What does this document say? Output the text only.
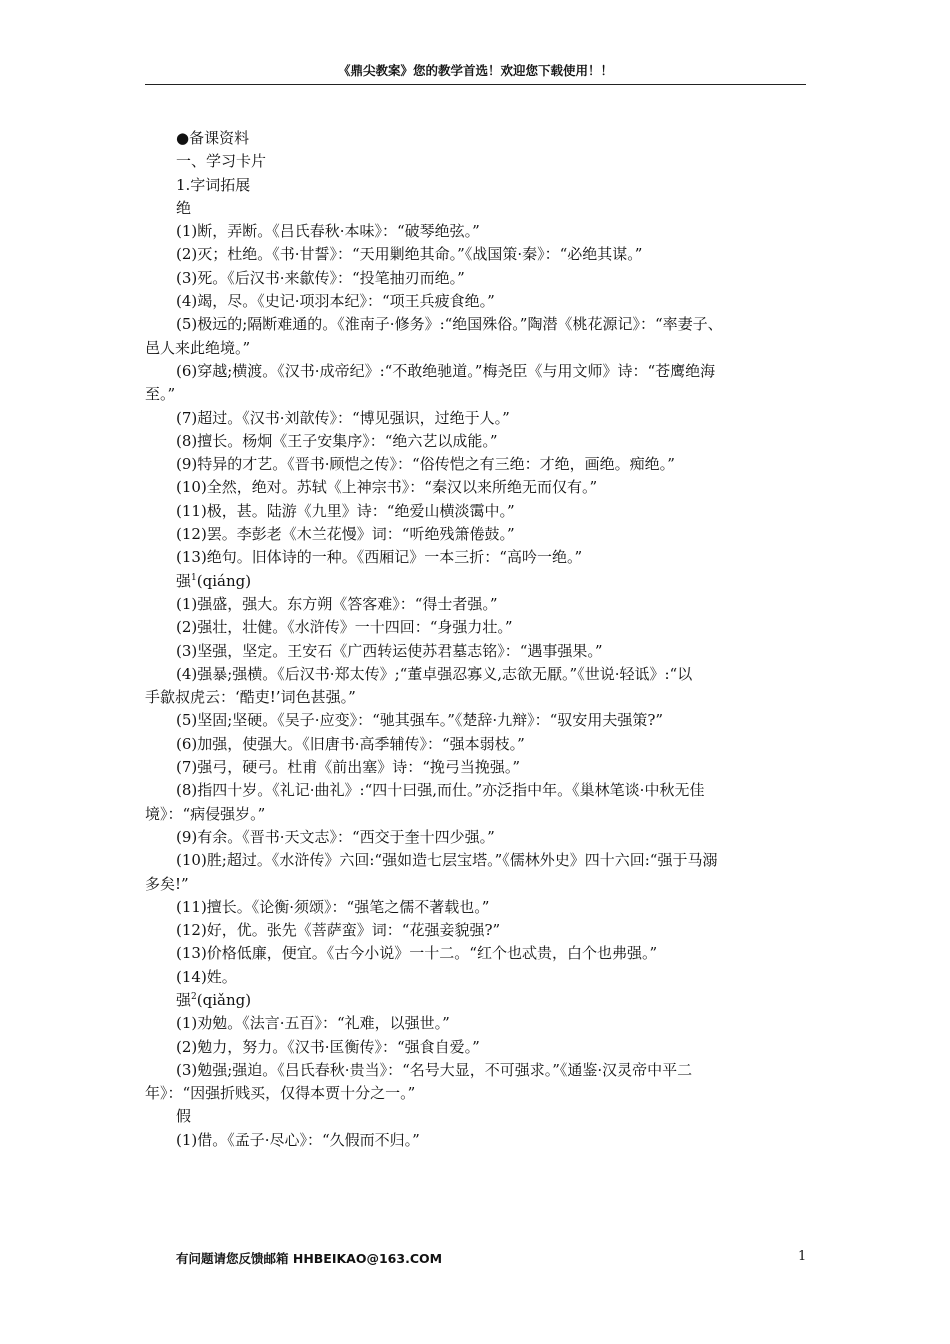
《鼎尖教案》您的教学首选！欢迎您下载使用！！
●备课资料
一、学习卡片
1.字词拓展
绝
(1)断，弄断。《吕氏春秋·本味》：“破琴绝弦。”
(2)灭；杜绝。《书·甘誓》：“天用剿绝其命。”《战国策·秦》：“必绝其谋。”
(3)死。《后汉书·来歙传》：“投笔抽刃而绝。”
(4)竭，尽。《史记·项羽本纪》：“项王兵疲食绝。”
(5)极远的;隔断难通的。《淮南子·修务》:“绝国殊俗。”陶潜《桃花源记》：“率妻子、
邑人来此绝境。”
(6)穿越;横渡。《汉书·成帝纪》:“不敢绝驰道。”梅尧臣《与用文师》诗：“苍鹰绝海
至。”
(7)超过。《汉书·刘歆传》：“博见强识，过绝于人。”
(8)擅长。杨炯《王子安集序》：“绝六艺以成能。”
(9)特异的才艺。《晋书·顾恺之传》：“俗传恺之有三绝：才绝，画绝。痴绝。”
(10)全然，绝对。苏轼《上神宗书》：“秦汉以来所绝无而仅有。”
(11)极，甚。陆游《九里》诗：“绝爱山横淡霭中。”
(12)罢。李彭老《木兰花慢》词：“听绝残箫倦鼓。”
(13)绝句。旧体诗的一种。《西厢记》一本三折：“高吟一绝。”
强$^1$(qiáng)
(1)强盛，强大。东方朔《答客难》：“得士者强。”
(2)强壮，壮健。《水浒传》一十四回：“身强力壮。”
(3)坚强，坚定。王安石《广西转运使苏君墓志铭》：“遇事强果。”
(4)强暴;强横。《后汉书·郑太传》;“董卓强忍寡义,志欲无厭。”《世说·轻诋》:“以
手歙叔虎云：‘酷吏!’词色甚强。”
(5)坚固;坚硬。《吴子·应变》：“驰其强车。”《楚辞·九辩》：“驭安用夫强策?”
(6)加强，使强大。《旧唐书·高季辅传》：“强本弱枝。”
(7)强弓，硬弓。杜甫《前出塞》诗：“挽弓当挽强。”
(8)指四十岁。《礼记·曲礼》:“四十曰强,而仕。”亦泛指中年。《巢林笔谈·中秋无佳
境》：“病侵强岁。”
(9)有余。《晋书·天文志》：“西交于奎十四少强。”
(10)胜;超过。《水浒传》六回:“强如造七层宝塔。”《儒林外史》四十六回:“强于马溺
多矣!”
(11)擅长。《论衡·须颂》：“强笔之儒不著载也。”
(12)好，优。张先《菩萨蛮》词：“花强妾貌强?”
(13)价格低廉，便宜。《古今小说》一十二。“红个也忒贵，白个也弗强。”
(14)姓。
强$^2$(qiǎng)
(1)劝勉。《法言·五百》：“礼难，以强世。”
(2)勉力，努力。《汉书·匡衡传》：“强食自爱。”
(3)勉强;强迫。《吕氏春秋·贵当》：“名号大显，不可强求。”《通鉴·汉灵帝中平二
年》：“因强折贱买，仅得本贾十分之一。”
假
(1)借。《孟子·尽心》：“久假而不归。”
有问题请您反馈邮箱 HHBEIKAO@163.COM	1
